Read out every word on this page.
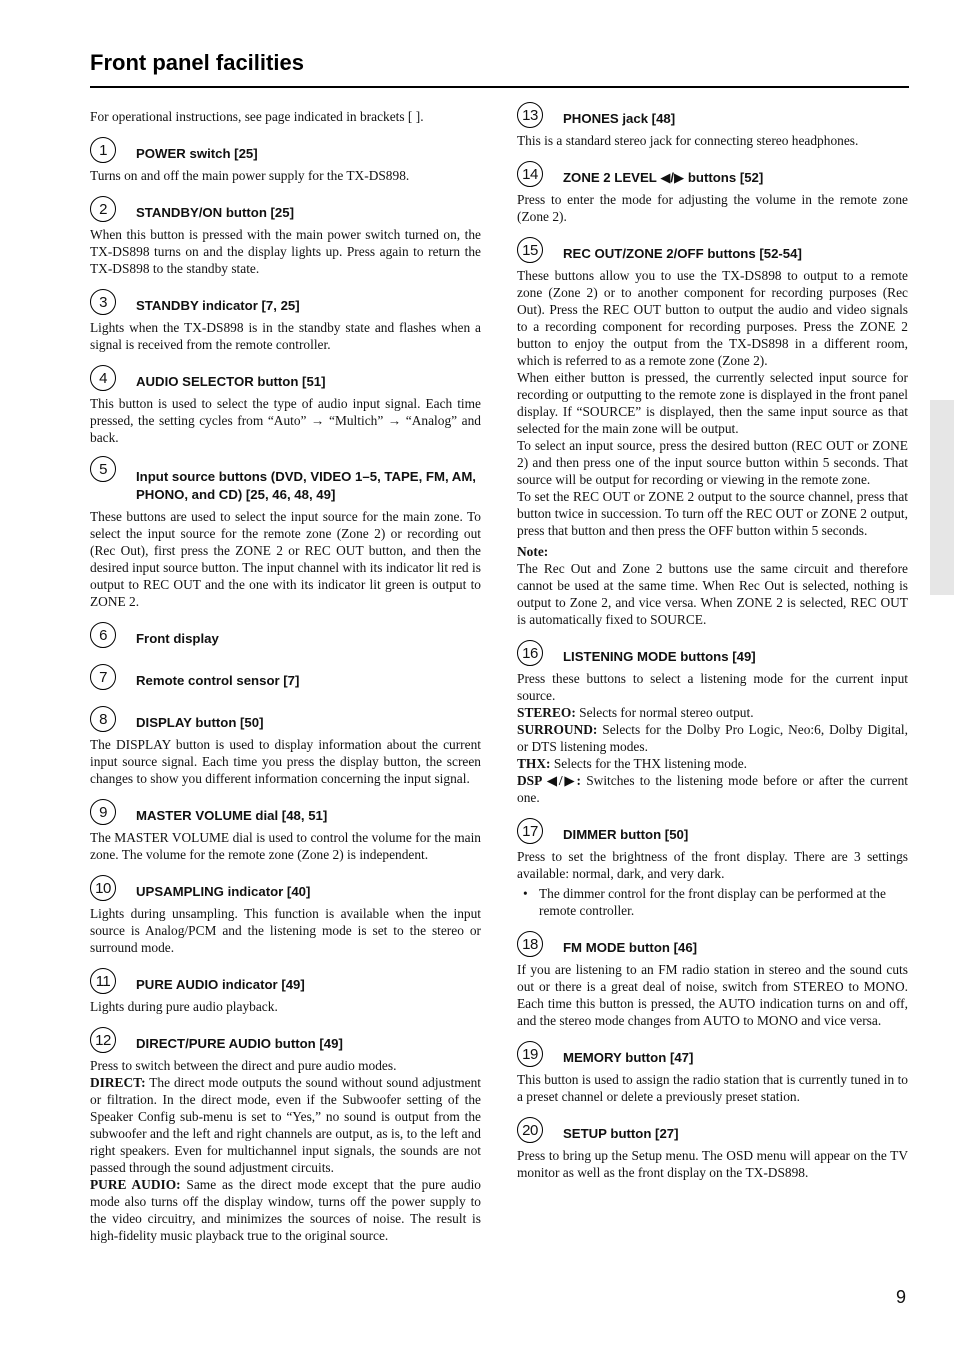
Front panel facilities

For operational instructions, see page indicated in brackets [ ].

1	POWER switch [25]

Turns on and off the main power supply for the TX-DS898.

2	STANDBY/ON button [25]

When this button is pressed with the main power switch turned on, the TX-DS898 turns on and the display lights up. Press again to return the TX-DS898 to the standby state.

3	STANDBY indicator [7, 25]

Lights when the TX-DS898 is in the standby state and flashes when a signal is received from the remote controller.

4	AUDIO SELECTOR button [51]

This button is used to select the type of audio input signal. Each time pressed, the setting cycles from “Auto” → “Multich” → “Analog” and back.

5	Input source buttons (DVD, VIDEO 1–5, TAPE, FM, AM, PHONO, and CD) [25, 46, 48, 49]

These buttons are used to select the input source for the main zone. To select the input source for the remote zone (Zone 2) or recording out (Rec Out), first press the ZONE 2 or REC OUT button, and then the desired input source button. The input channel with its indicator lit red is output to REC OUT and the one with its indicator lit green is output to ZONE 2.

6	Front display
7	Remote control sensor [7]
8	DISPLAY button [50]

The DISPLAY button is used to display information about the current input source signal. Each time you press the display button, the screen changes to show you different information concerning the input signal.

9	MASTER VOLUME dial [48, 51]

The MASTER VOLUME dial is used to control the volume for the main zone. The volume for the remote zone (Zone 2) is independent.

10	UPSAMPLING indicator [40]

Lights during unsampling. This function is available when the input source is Analog/PCM and the listening mode is set to the stereo or surround mode.

11	PURE AUDIO indicator [49]

Lights during pure audio playback.

12	DIRECT/PURE AUDIO button [49]

Press to switch between the direct and pure audio modes.

DIRECT: The direct mode outputs the sound without sound adjustment or filtration. In the direct mode, even if the Subwoofer setting of the Speaker Config sub-menu is set to “Yes,” no sound is output from the subwoofer and the left and right channels are output, as is, to the left and right speakers. Even for multichannel input signals, the sounds are not passed through the sound adjustment circuits.

PURE AUDIO: Same as the direct mode except that the pure audio mode also turns off the display window, turns off the power supply to the video circuitry, and minimizes the sources of noise. The result is high-fidelity music playback true to the original source.

13	PHONES jack [48]

This is a standard stereo jack for connecting stereo headphones.

14	ZONE 2 LEVEL ◀/▶ buttons [52]

Press to enter the mode for adjusting the volume in the remote zone (Zone 2).

15	REC OUT/ZONE 2/OFF buttons [52-54]

These buttons allow you to use the TX-DS898 to output to a remote zone (Zone 2) or to another component for recording purposes (Rec Out). Press the REC OUT button to output the audio and video signals to a recording component for recording purposes. Press the ZONE 2 button to enjoy the output from the TX-DS898 in a different room, which is referred to as a remote zone (Zone 2).

When either button is pressed, the currently selected input source for recording or outputting to the remote zone is displayed in the front panel display. If “SOURCE” is displayed, then the same input source as that selected for the main zone will be output.

To select an input source, press the desired button (REC OUT or ZONE 2) and then press one of the input source button within 5 seconds. That source will be output for recording or viewing in the remote zone.

To set the REC OUT or ZONE 2 output to the source channel, press that button twice in succession. To turn off the REC OUT or ZONE 2 output, press that button and then press the OFF button within 5 seconds.

Note:

The Rec Out and Zone 2 buttons use the same circuit and therefore cannot be used at the same time. When Rec Out is selected, nothing is output to Zone 2, and vice versa. When ZONE 2 is selected, REC OUT is automatically fixed to SOURCE.

16	LISTENING MODE buttons [49]

Press these buttons to select a listening mode for the current input source.

STEREO: Selects for normal stereo output.

SURROUND: Selects for the Dolby Pro Logic, Neo:6, Dolby Digital, or DTS listening modes.

THX: Selects for the THX listening mode.

DSP ◀/▶: Switches to the listening mode before or after the current one.

17	DIMMER button [50]

Press to set the brightness of the front display. There are 3 settings available: normal, dark, and very dark.

• The dimmer control for the front display can be performed at the remote controller.
18	FM MODE button [46]

If you are listening to an FM radio station in stereo and the sound cuts out or there is a great deal of noise, switch from STEREO to MONO. Each time this button is pressed, the AUTO indication turns on and off, and the stereo mode changes from AUTO to MONO and vice versa.

19	MEMORY button [47]

This button is used to assign the radio station that is currently tuned in to a preset channel or delete a previously preset station.

20	SETUP button [27]

Press to bring up the Setup menu. The OSD menu will appear on the TV monitor as well as the front display on the TX-DS898.

9
